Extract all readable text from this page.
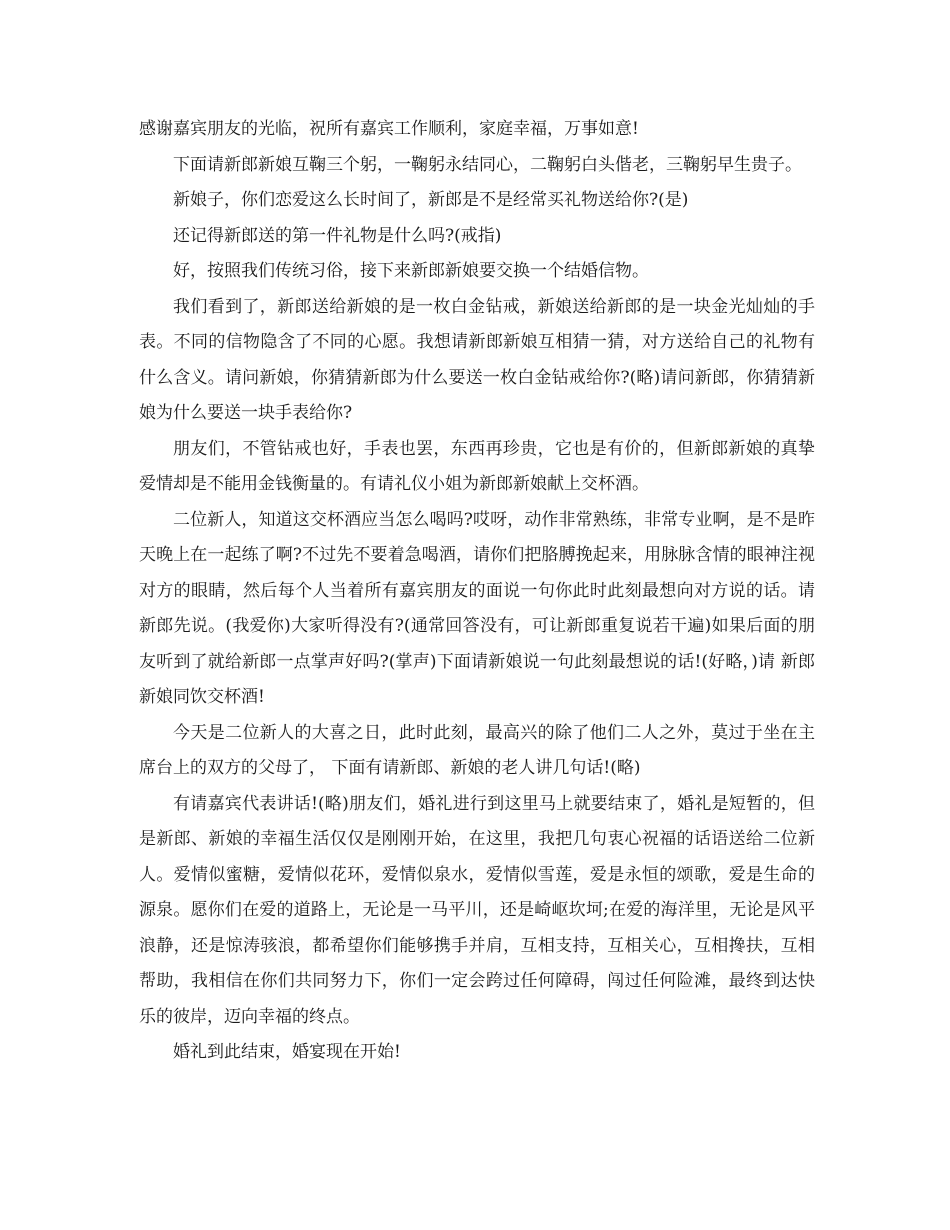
感谢嘉宾朋友的光临，祝所有嘉宾工作顺利，家庭幸福，万事如意!

下面请新郎新娘互鞠三个躬，一鞠躬永结同心，二鞠躬白头偕老，三鞠躬早生贵子。

新娘子，你们恋爱这么长时间了，新郎是不是经常买礼物送给你?(是)

还记得新郎送的第一件礼物是什么吗?(戒指)

好，按照我们传统习俗，接下来新郎新娘要交换一个结婚信物。

我们看到了，新郎送给新娘的是一枚白金钻戒，新娘送给新郎的是一块金光灿灿的手表。不同的信物隐含了不同的心愿。我想请新郎新娘互相猜一猜，对方送给自己的礼物有什么含义。请问新娘，你猜猜新郎为什么要送一枚白金钻戒给你?(略)请问新郎，你猜猜新娘为什么要送一块手表给你?

朋友们，不管钻戒也好，手表也罢，东西再珍贵，它也是有价的，但新郎新娘的真挚爱情却是不能用金钱衡量的。有请礼仪小姐为新郎新娘献上交杯酒。

二位新人，知道这交杯酒应当怎么喝吗?哎呀，动作非常熟练，非常专业啊，是不是昨天晚上在一起练了啊?不过先不要着急喝酒，请你们把胳膊挽起来，用脉脉含情的眼神注视对方的眼睛，然后每个人当着所有嘉宾朋友的面说一句你此时此刻最想向对方说的话。请新郎先说。(我爱你)大家听得没有?(通常回答没有，可让新郎重复说若干遍)如果后面的朋友听到了就给新郎一点掌声好吗?(掌声)下面请新娘说一句此刻最想说的话!(好略，)请 新郎新娘同饮交杯酒!

今天是二位新人的大喜之日，此时此刻，最高兴的除了他们二人之外，莫过于坐在主席台上的双方的父母了， 下面有请新郎、新娘的老人讲几句话!(略)

有请嘉宾代表讲话!(略)朋友们，婚礼进行到这里马上就要结束了，婚礼是短暂的，但是新郎、新娘的幸福生活仅仅是刚刚开始，在这里，我把几句衷心祝福的话语送给二位新人。爱情似蜜糖，爱情似花环，爱情似泉水，爱情似雪莲，爱是永恒的颂歌，爱是生命的源泉。愿你们在爱的道路上，无论是一马平川，还是崎岖坎坷;在爱的海洋里，无论是风平浪静，还是惊涛骇浪，都希望你们能够携手并肩，互相支持，互相关心，互相搀扶，互相帮助，我相信在你们共同努力下，你们一定会跨过任何障碍，闯过任何险滩，最终到达快乐的彼岸，迈向幸福的终点。

婚礼到此结束，婚宴现在开始!
